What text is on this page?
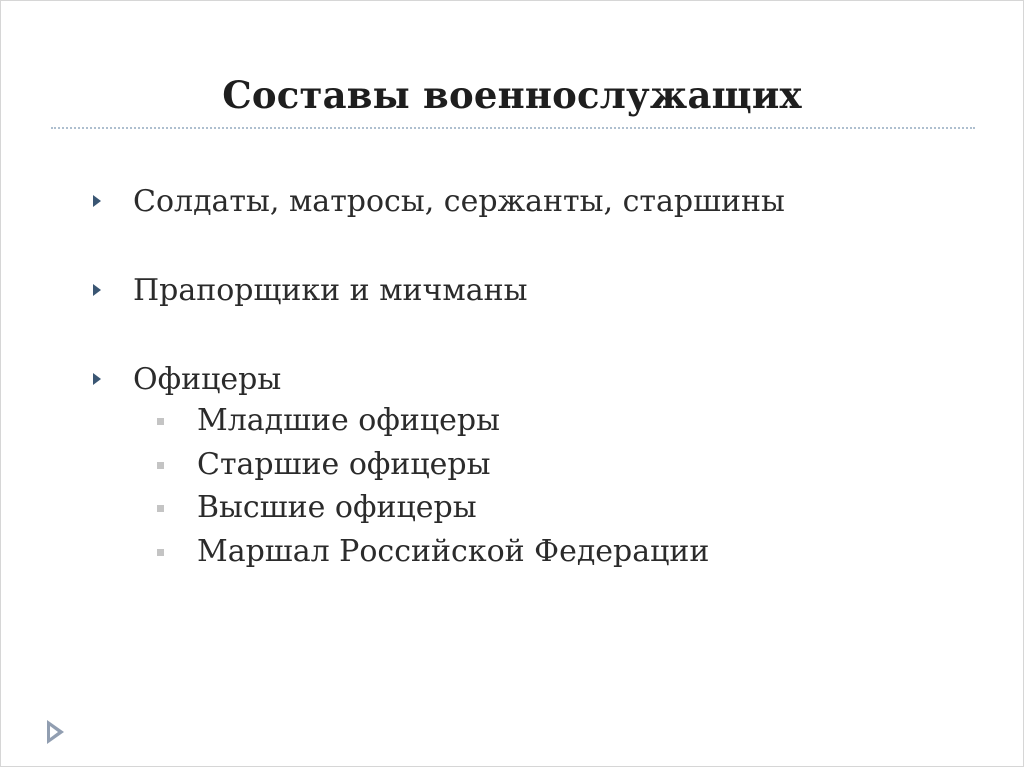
Составы военнослужащих
Солдаты, матросы, сержанты, старшины
Прапорщики и мичманы
Офицеры
Младшие офицеры
Старшие офицеры
Высшие офицеры
Маршал Российской Федерации
